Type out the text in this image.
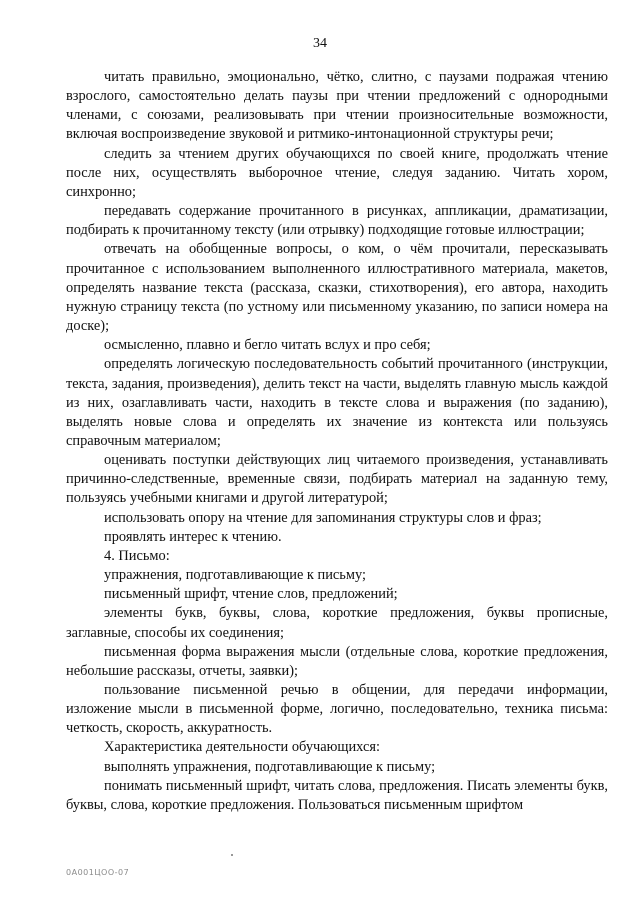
34

читать правильно, эмоционально, чётко, слитно, с паузами подражая чтению взрослого, самостоятельно делать паузы при чтении предложений с однородными членами, с союзами, реализовывать при чтении произносительные возможности, включая воспроизведение звуковой и ритмико-интонационной структуры речи;

следить за чтением других обучающихся по своей книге, продолжать чтение после них, осуществлять выборочное чтение, следуя заданию. Читать хором, синхронно;

передавать содержание прочитанного в рисунках, аппликации, драматизации, подбирать к прочитанному тексту (или отрывку) подходящие готовые иллюстрации;

отвечать на обобщенные вопросы, о ком, о чём прочитали, пересказывать прочитанное с использованием выполненного иллюстративного материала, макетов, определять название текста (рассказа, сказки, стихотворения), его автора, находить нужную страницу текста (по устному или письменному указанию, по записи номера на доске);

осмысленно, плавно и бегло читать вслух и про себя;

определять логическую последовательность событий прочитанного (инструкции, текста, задания, произведения), делить текст на части, выделять главную мысль каждой из них, озаглавливать части, находить в тексте слова и выражения (по заданию), выделять новые слова и определять их значение из контекста или пользуясь справочным материалом;

оценивать поступки действующих лиц читаемого произведения, устанавливать причинно-следственные, временные связи, подбирать материал на заданную тему, пользуясь учебными книгами и другой литературой;

использовать опору на чтение для запоминания структуры слов и фраз;

проявлять интерес к чтению.

4. Письмо:

упражнения, подготавливающие к письму;

письменный шрифт, чтение слов, предложений;

элементы букв, буквы, слова, короткие предложения, буквы прописные, заглавные, способы их соединения;

письменная форма выражения мысли (отдельные слова, короткие предложения, небольшие рассказы, отчеты, заявки);

пользование письменной речью в общении, для передачи информации, изложение мысли в письменной форме, логично, последовательно, техника письма: четкость, скорость, аккуратность.

Характеристика деятельности обучающихся:

выполнять упражнения, подготавливающие к письму;

понимать письменный шрифт, читать слова, предложения. Писать элементы букв, буквы, слова, короткие предложения. Пользоваться письменным шрифтом

0A001ЦОО-07
